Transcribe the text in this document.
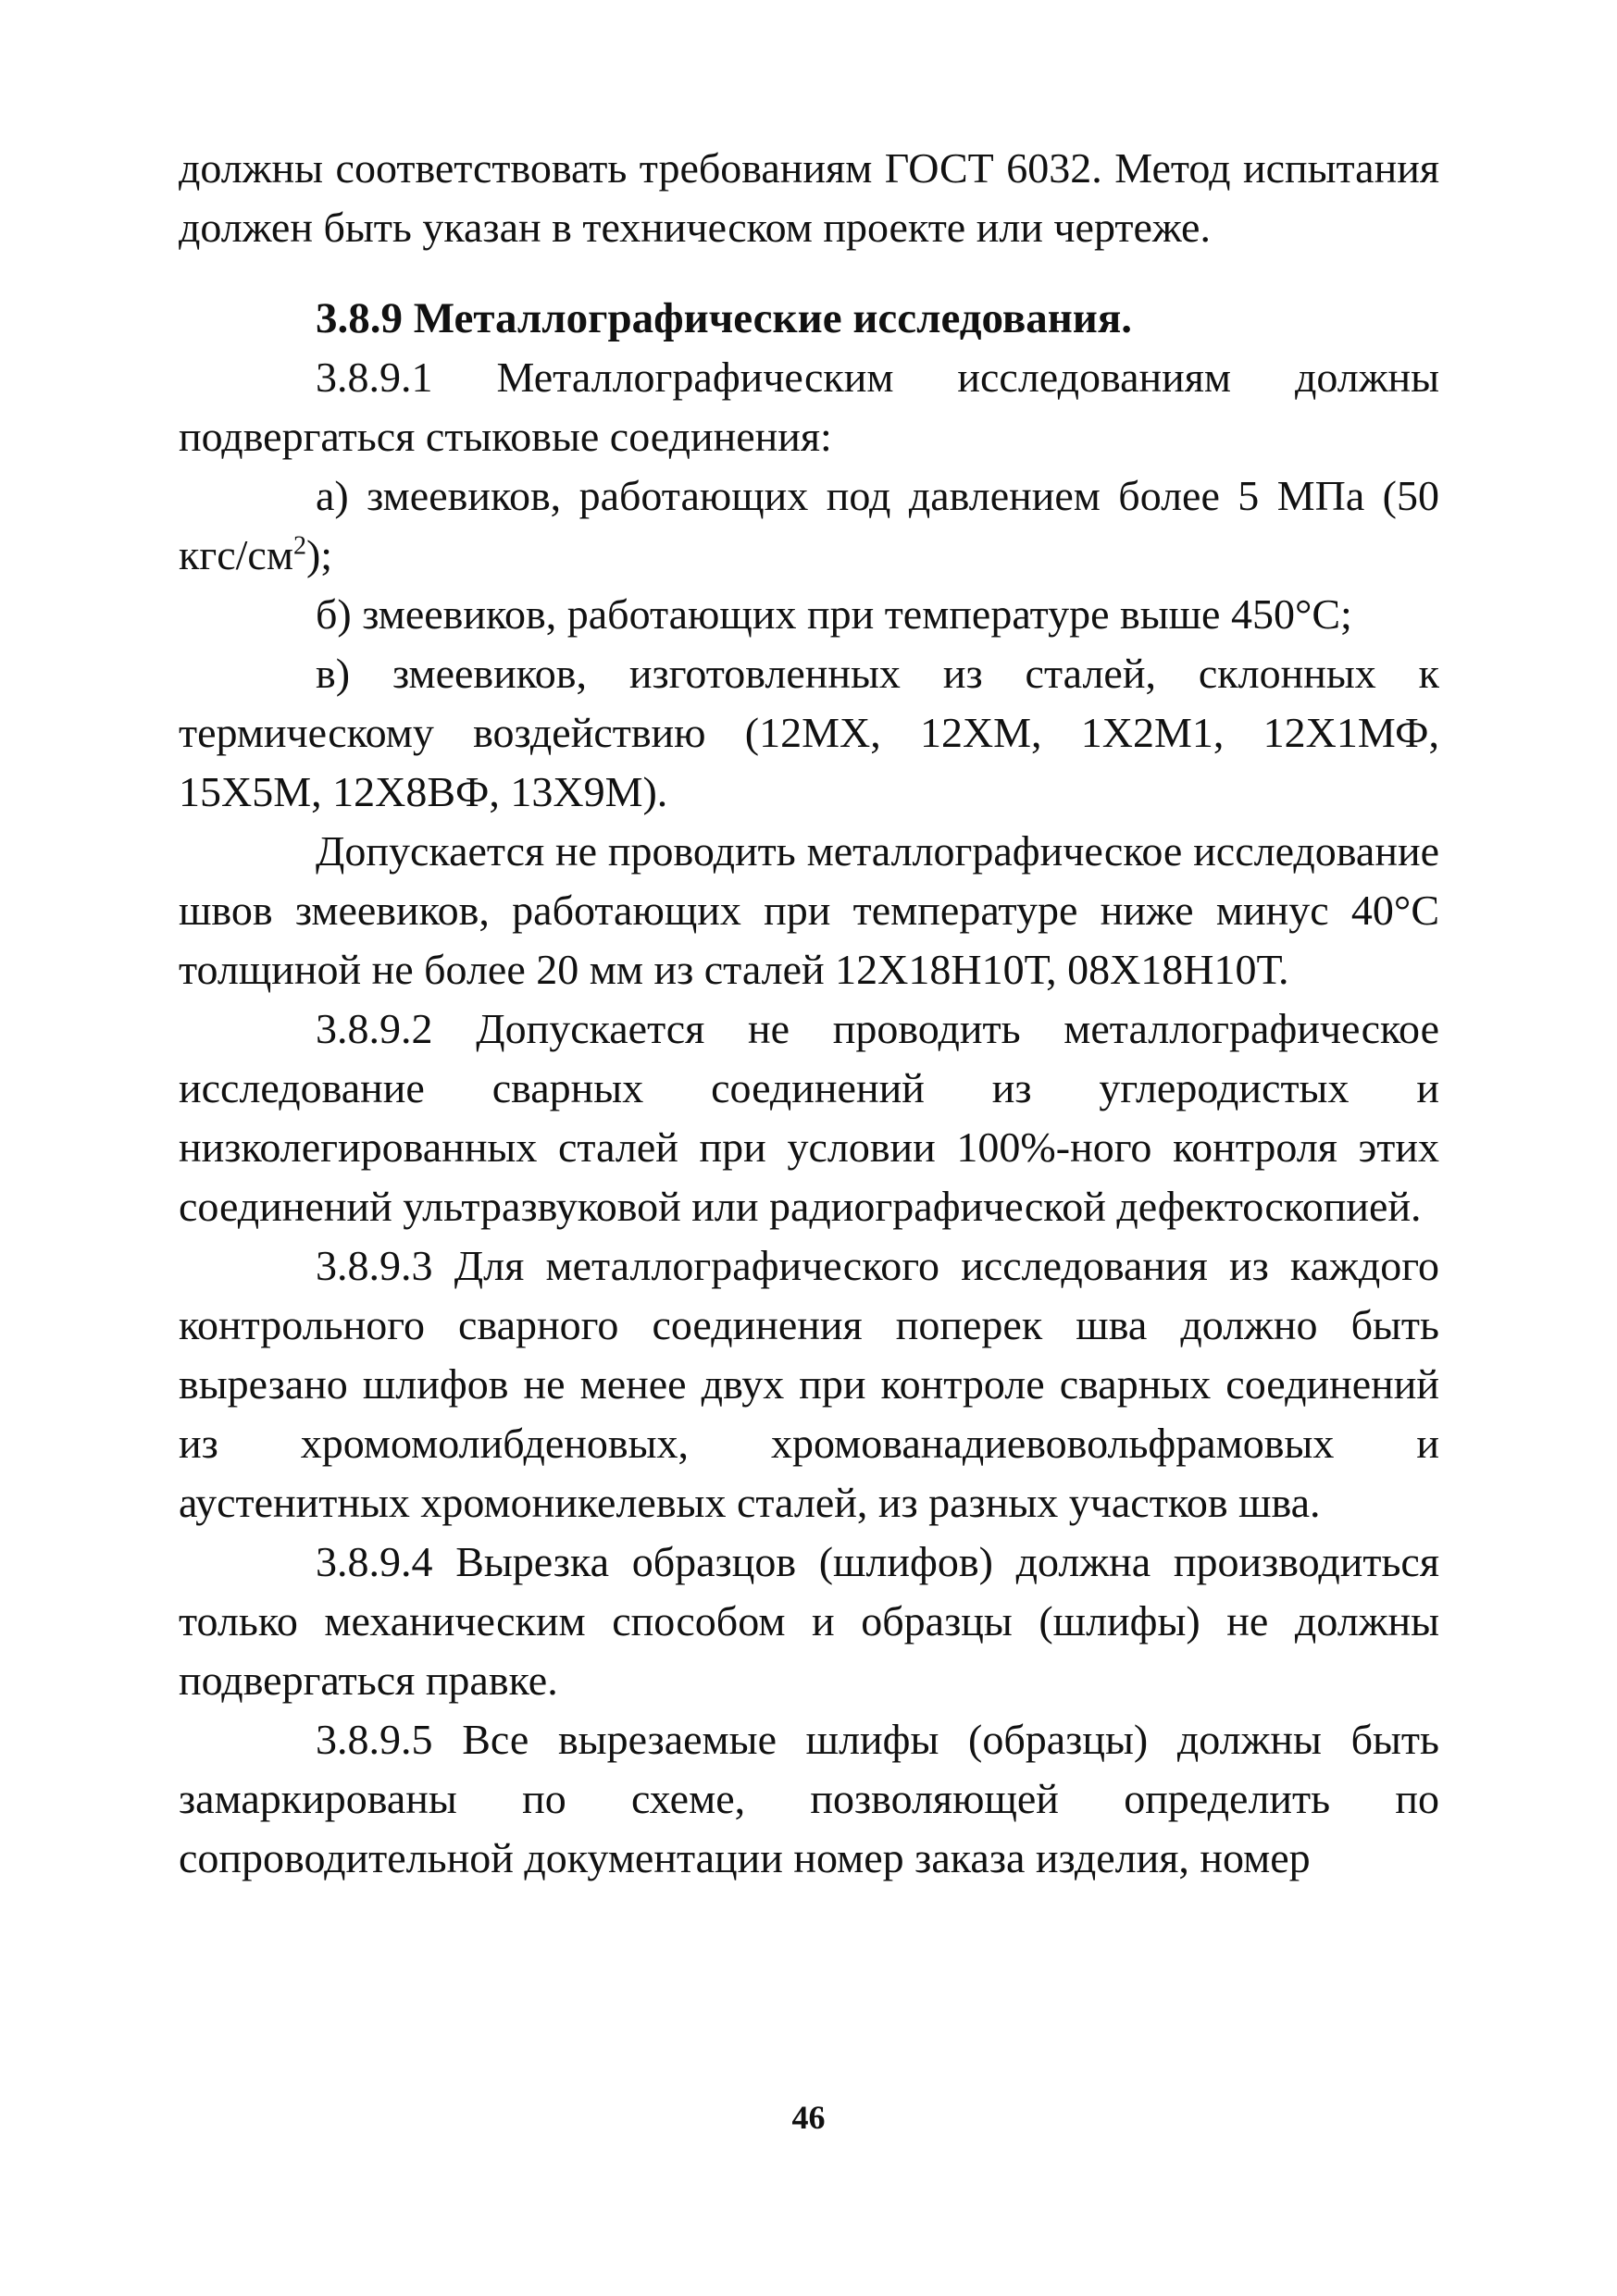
должны соответствовать требованиям ГОСТ 6032. Метод испытания должен быть указан в техническом проекте или чертеже.

3.8.9 Металлографические исследования.

3.8.9.1 Металлографическим исследованиям должны подвергаться стыковые соединения:

а) змеевиков, работающих под давлением более 5 МПа (50 кгс/$см^2$);

б) змеевиков, работающих при температуре выше 450°С;

в) змеевиков, изготовленных из сталей, склонных к термическому воздействию (12МХ, 12ХМ, 1Х2М1, 12Х1МФ, 15Х5М, 12Х8ВФ, 13Х9М).

Допускается не проводить металлографическое исследование швов змеевиков, работающих при температуре ниже минус 40°С толщиной не более 20 мм из сталей 12Х18Н10Т, 08Х18Н10Т.

3.8.9.2 Допускается не проводить металлографическое исследование сварных соединений из углеродистых и низколегированных сталей при условии 100%-ного контроля этих соединений ультразвуковой или радиографической дефектоскопией.

3.8.9.3 Для металлографического исследования из каждого контрольного сварного соединения поперек шва должно быть вырезано шлифов не менее двух при контроле сварных соединений из хромомолибденовых, хромованадиевовольфрамовых и аустенитных хромоникелевых сталей, из разных участков шва.

3.8.9.4 Вырезка образцов (шлифов) должна производиться только механическим способом и образцы (шлифы) не должны подвергаться правке.

3.8.9.5 Все вырезаемые шлифы (образцы) должны быть замаркированы по схеме, позволяющей определить по сопроводительной документации номер заказа изделия, номер

46
